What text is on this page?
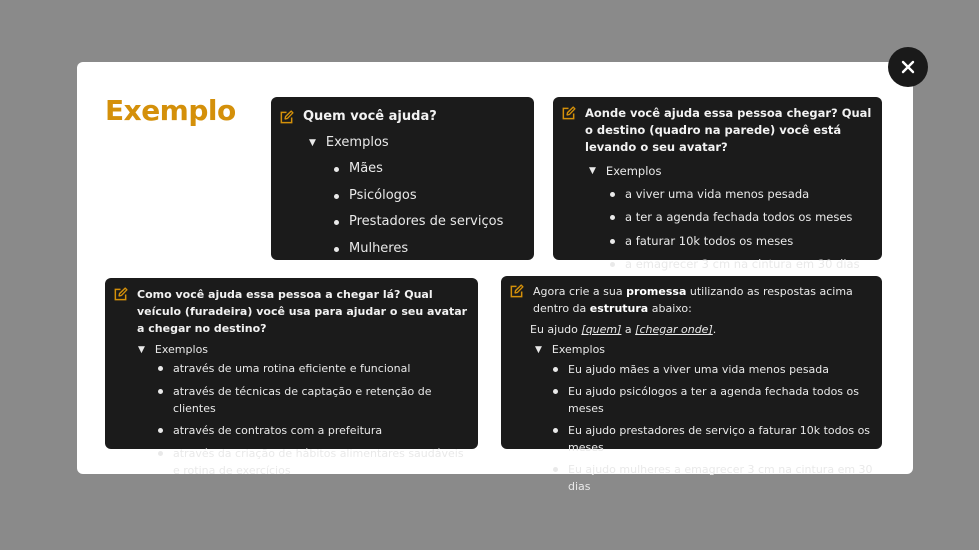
Exemplo	Quem você ajuda?
▼ Exemplos
Mães
Psicólogos
Prestadores de serviços
Mulheres
Aonde você ajuda essa pessoa chegar? Qual o destino (quadro na parede) você está levando o seu avatar?
▼ Exemplos
a viver uma vida menos pesada
a ter a agenda fechada todos os meses
a faturar 10k todos os meses
a emagrecer 3 cm na cintura em 30 dias
Como você ajuda essa pessoa a chegar lá? Qual veículo (furadeira) você usa para ajudar o seu avatar a chegar no destino?
▼ Exemplos
através de uma rotina eficiente e funcional
através de técnicas de captação e retenção de clientes
através de contratos com a prefeitura
através da criação de hábitos alimentares saudáveis e rotina de exercícios
Agora crie a sua promessa utilizando as respostas acima dentro da estrutura abaixo:
Eu ajudo [quem] a [chegar onde].
▼ Exemplos
Eu ajudo mães a viver uma vida menos pesada
Eu ajudo psicólogos a ter a agenda fechada todos os meses
Eu ajudo prestadores de serviço a faturar 10k todos os meses
Eu ajudo mulheres a emagrecer 3 cm na cintura em 30 dias
